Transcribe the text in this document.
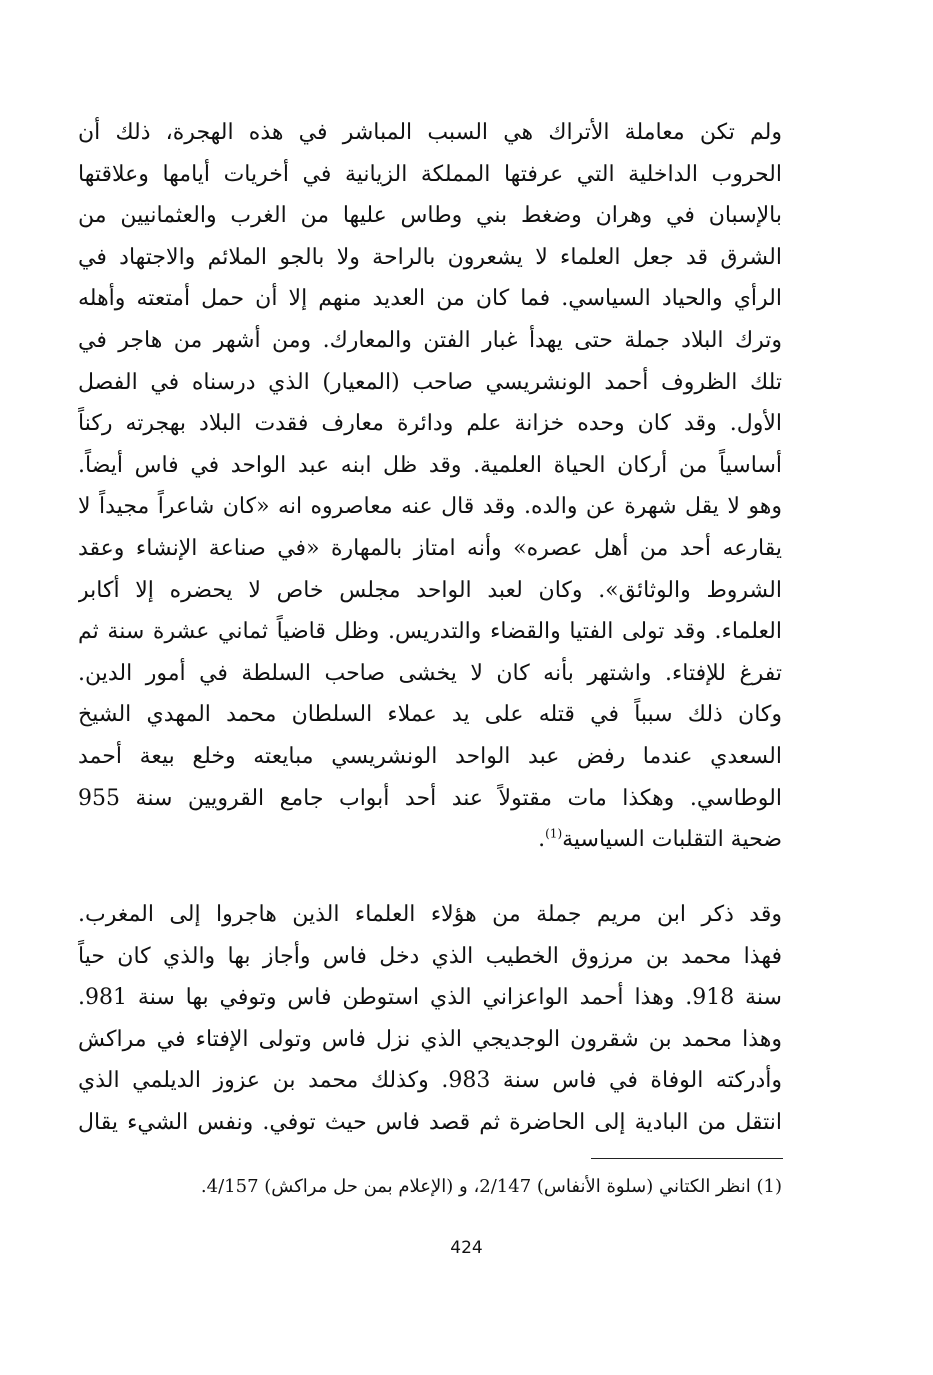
ولم تكن معاملة الأتراك هي السبب المباشر في هذه الهجرة، ذلك أن
الحروب الداخلية التي عرفتها المملكة الزيانية في أخريات أيامها وعلاقتها
بالإسبان في وهران وضغط بني وطاس عليها من الغرب والعثمانيين من
الشرق قد جعل العلماء لا يشعرون بالراحة ولا بالجو الملائم والاجتهاد في
الرأي والحياد السياسي. فما كان من العديد منهم إلا أن حمل أمتعته وأهله
وترك البلاد جملة حتى يهدأ غبار الفتن والمعارك. ومن أشهر من هاجر في
تلك الظروف أحمد الونشريسي صاحب (المعيار) الذي درسناه في الفصل
الأول. وقد كان وحده خزانة علم ودائرة معارف فقدت البلاد بهجرته ركناً
أساسياً من أركان الحياة العلمية. وقد ظل ابنه عبد الواحد في فاس أيضاً.
وهو لا يقل شهرة عن والده. وقد قال عنه معاصروه انه «كان شاعراً مجيداً لا
يقارعه أحد من أهل عصره» وأنه امتاز بالمهارة «في صناعة الإنشاء وعقد
الشروط والوثائق». وكان لعبد الواحد مجلس خاص لا يحضره إلا أكابر
العلماء. وقد تولى الفتيا والقضاء والتدريس. وظل قاضياً ثماني عشرة سنة ثم
تفرغ للإفتاء. واشتهر بأنه كان لا يخشى صاحب السلطة في أمور الدين.
وكان ذلك سبباً في قتله على يد عملاء السلطان محمد المهدي الشيخ
السعدي عندما رفض عبد الواحد الونشريسي مبايعته وخلع بيعة أحمد
الوطاسي. وهكذا مات مقتولاً عند أحد أبواب جامع القرويين سنة 955
ضحية التقلبات السياسية$^{(1)}$.
وقد ذكر ابن مريم جملة من هؤلاء العلماء الذين هاجروا إلى المغرب.
فهذا محمد بن مرزوق الخطيب الذي دخل فاس وأجاز بها والذي كان حياً
سنة 918. وهذا أحمد الواعزاني الذي استوطن فاس وتوفي بها سنة 981.
وهذا محمد بن شقرون الوجديجي الذي نزل فاس وتولى الإفتاء في مراكش
وأدركته الوفاة في فاس سنة 983. وكذلك محمد بن عزوز الديلمي الذي
انتقل من البادية إلى الحاضرة ثم قصد فاس حيث توفي. ونفس الشيء يقال
(1) انظر الكتاني (سلوة الأنفاس) 2/147، و (الإعلام بمن حل مراكش) 4/157.
424
